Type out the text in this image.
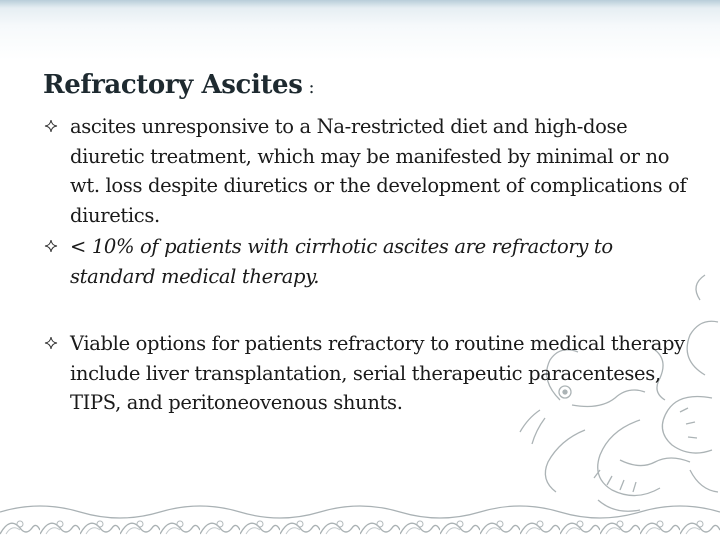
Refractory Ascites :
ascites unresponsive to a Na-restricted diet and high-dose diuretic treatment, which may be manifested by minimal or no wt. loss despite diuretics or the development of complications of diuretics.
< 10% of patients with cirrhotic ascites are refractory to standard medical therapy.
Viable options for patients refractory to routine medical therapy include liver transplantation, serial therapeutic paracenteses, TIPS, and peritoneovenous shunts.
